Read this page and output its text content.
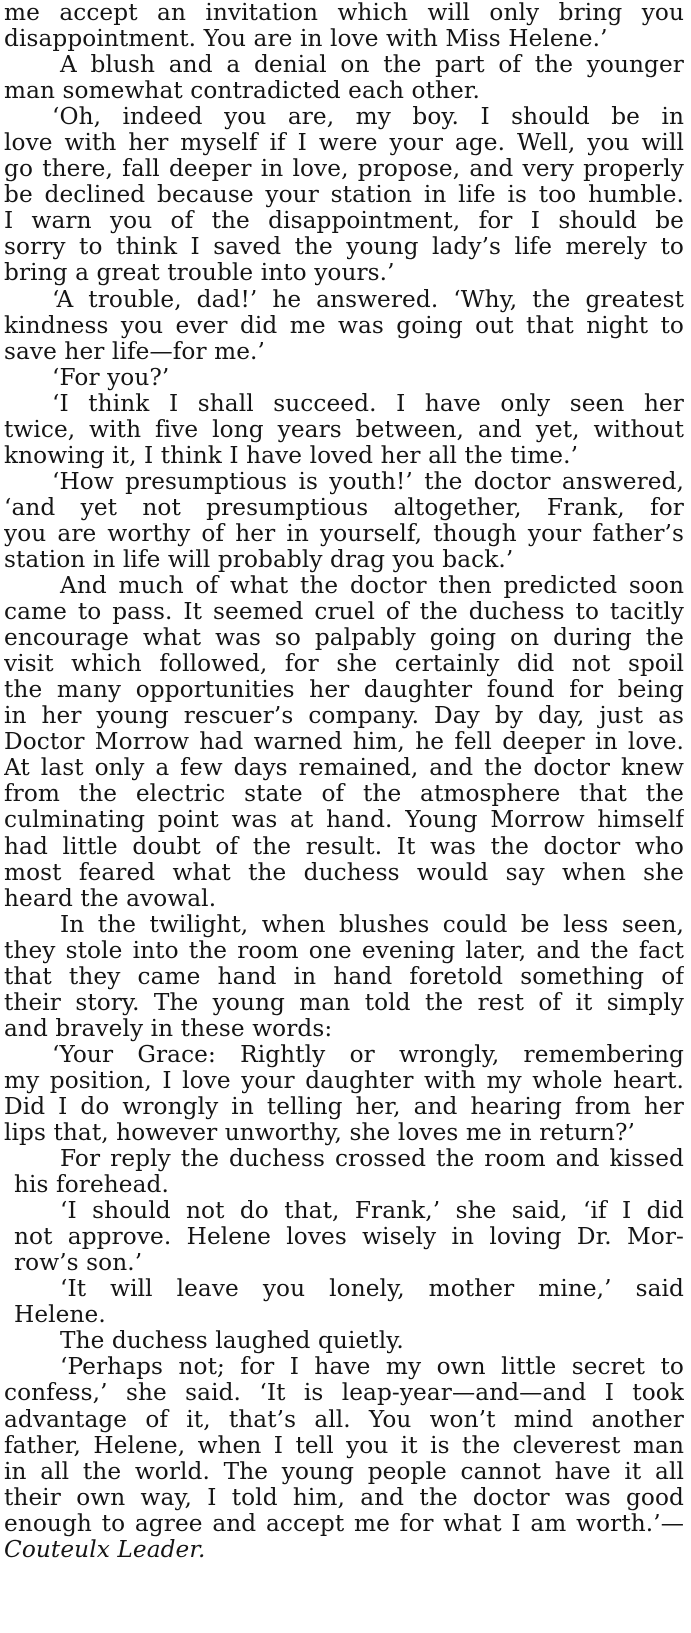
me accept an invitation which will only bring you
disappointment. You are in love with Miss Helene.’
A blush and a denial on the part of the younger
man somewhat contradicted each other.
‘Oh, indeed you are, my boy. I should be in
love with her myself if I were your age. Well, you will
go there, fall deeper in love, propose, and very properly
be declined because your station in life is too humble.
I warn you of the disappointment, for I should be
sorry to think I saved the young lady’s life merely to
bring a great trouble into yours.’
‘A trouble, dad!’ he answered. ‘Why, the greatest
kindness you ever did me was going out that night to
save her life—for me.’
‘For you?’
‘I think I shall succeed. I have only seen her
twice, with five long years between, and yet, without
knowing it, I think I have loved her all the time.’
‘How presumptious is youth!’ the doctor answered,
‘and yet not presumptious altogether, Frank, for
you are worthy of her in yourself, though your father’s
station in life will probably drag you back.’
And much of what the doctor then predicted soon
came to pass. It seemed cruel of the duchess to tacitly
encourage what was so palpably going on during the
visit which followed, for she certainly did not spoil
the many opportunities her daughter found for being
in her young rescuer’s company. Day by day, just as
Doctor Morrow had warned him, he fell deeper in love.
At last only a few days remained, and the doctor knew
from the electric state of the atmosphere that the
culminating point was at hand. Young Morrow himself
had little doubt of the result. It was the doctor who
most feared what the duchess would say when she
heard the avowal.
In the twilight, when blushes could be less seen,
they stole into the room one evening later, and the fact
that they came hand in hand foretold something of
their story. The young man told the rest of it simply
and bravely in these words:
‘Your Grace: Rightly or wrongly, remembering
my position, I love your daughter with my whole heart.
Did I do wrongly in telling her, and hearing from her
lips that, however unworthy, she loves me in return?’
For reply the duchess crossed the room and kissed
his forehead.
‘I should not do that, Frank,’ she said, ‘if I did
not approve. Helene loves wisely in loving Dr. Mor-
row’s son.’
‘It will leave you lonely, mother mine,’ said
Helene.
The duchess laughed quietly.
‘Perhaps not; for I have my own little secret to
confess,’ she said. ‘It is leap-year—and—and I took
advantage of it, that’s all. You won’t mind another
father, Helene, when I tell you it is the cleverest man
in all the world. The young people cannot have it all
their own way, I told him, and the doctor was good
enough to agree and accept me for what I am worth.’—
Couteulx Leader.
